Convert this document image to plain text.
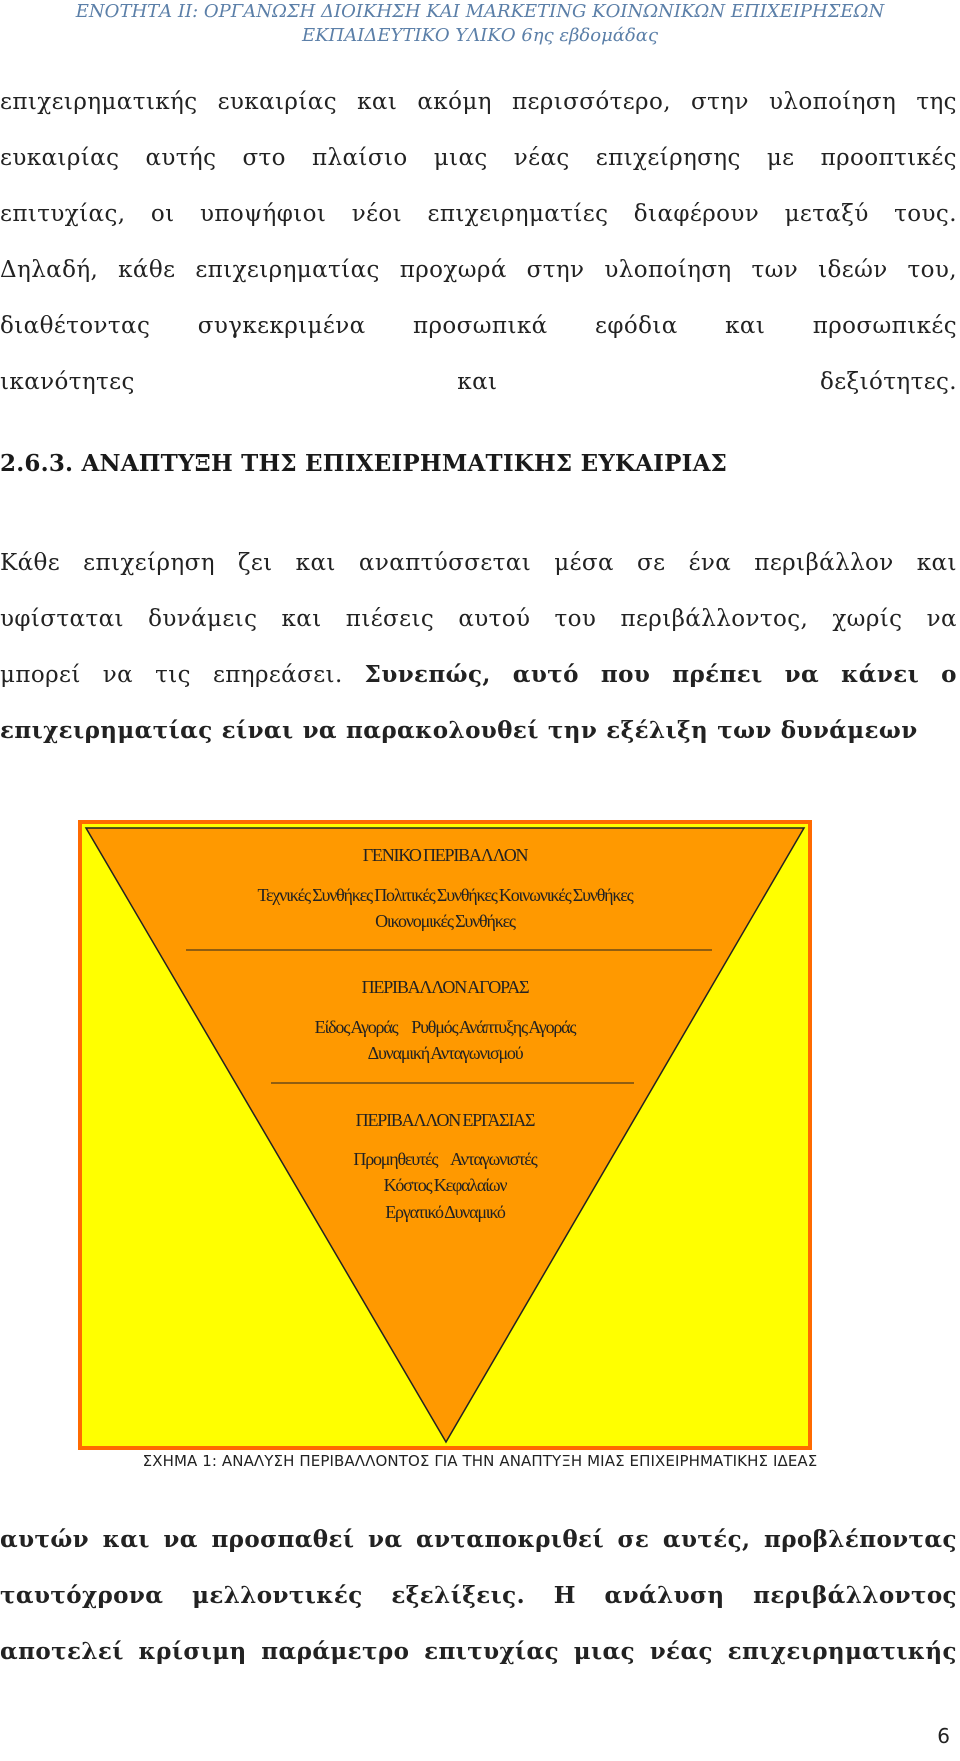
ΕΝΟΤΗΤΑ ΙΙ: ΟΡΓΑΝΩΣΗ ΔΙΟΙΚΗΣΗ ΚΑΙ MARKETING ΚΟΙΝΩΝΙΚΩΝ ΕΠΙΧΕΙΡΗΣΕΩΝ
ΕΚΠΑΙΔΕΥΤΙΚΟ ΥΛΙΚΟ 6ης εβδομάδας
επιχειρηματικής ευκαιρίας και ακόμη περισσότερο, στην υλοποίηση της
ευκαιρίας αυτής στο πλαίσιο μιας νέας επιχείρησης με προοπτικές
επιτυχίας, οι υποψήφιοι νέοι επιχειρηματίες διαφέρουν μεταξύ τους.
Δηλαδή, κάθε επιχειρηματίας προχωρά στην υλοποίηση των ιδεών του,
διαθέτοντας συγκεκριμένα προσωπικά εφόδια και προσωπικές
ικανότητες και δεξιότητες.
2.6.3. ΑΝΑΠΤΥΞΗ ΤΗΣ ΕΠΙΧΕΙΡΗΜΑΤΙΚΗΣ ΕΥΚΑΙΡΙΑΣ
Κάθε επιχείρηση ζει και αναπτύσσεται μέσα σε ένα περιβάλλον και
υφίσταται δυνάμεις και πιέσεις αυτού του περιβάλλοντος, χωρίς να
μπορεί να τις επηρεάσει. Συνεπώς, αυτό που πρέπει να κάνει ο
επιχειρηματίας είναι να παρακολουθεί την εξέλιξη των δυνάμεων
ΓΕΝΙΚΟ ΠΕΡΙΒΑΛΛΟΝ
Τεχνικές Συνθήκες Πολιτικές Συνθήκες Κοινωνικές Συνθήκες
Οικονομικές Συνθήκες
ΠΕΡΙΒΑΛΛΟΝ ΑΓΟΡΑΣ
Είδος Αγοράς      Ρυθμός Ανάπτυξης Αγοράς
Δυναμική Ανταγωνισμού
ΠΕΡΙΒΑΛΛΟΝ ΕΡΓΑΣΙΑΣ
Προμηθευτές      Ανταγωνιστές
Κόστος Κεφαλαίων
Εργατικό Δυναμικό
ΣΧΗΜΑ 1: ΑΝΑΛΥΣΗ ΠΕΡΙΒΑΛΛΟΝΤΟΣ ΓΙΑ ΤΗΝ ΑΝΑΠΤΥΞΗ ΜΙΑΣ ΕΠΙΧΕΙΡΗΜΑΤΙΚΗΣ ΙΔΕΑΣ
αυτών και να προσπαθεί να ανταποκριθεί σε αυτές, προβλέποντας
ταυτόχρονα μελλοντικές εξελίξεις. Η ανάλυση περιβάλλοντος
αποτελεί κρίσιμη παράμετρο επιτυχίας μιας νέας επιχειρηματικής
6
